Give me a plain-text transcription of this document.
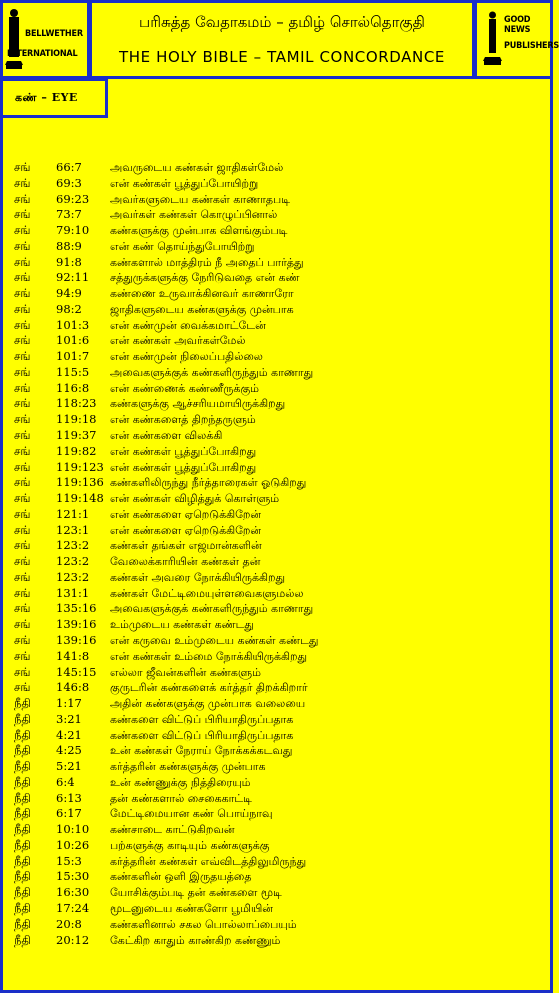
BELLWETHER
INTERNATIONAL
பரிசுத்த வேதாகமம் – தமிழ் சொல்தொகுதி
THE HOLY BIBLE – TAMIL CONCORDANCE
GOOD NEWS
PUBLISHERS
கண் – EYE
சங் 66:7	அவருடைய கண்கள் ஜாதிகள்மேல்
சங் 69:3	என் கண்கள் பூத்துப்போயிற்று
சங் 69:23 அவர்களுடைய கண்கள் காணாதபடி
சங் 73:7	அவர்கள் கண்கள் கொழுப்பினால்
சங் 79:10 கண்களுக்கு முன்பாக விளங்கும்படி
சங் 88:9	என் கண் தொய்ந்துபோயிற்று
சங் 91:8	கண்களால் மாத்திரம் நீ அதைப் பார்த்து
சங் 92:11 சத்துருக்களுக்கு நேரிடுவதை என் கண்
சங் 94:9	கண்ணை உருவாக்கினவர் காணாரோ
சங் 98:2	ஜாதிகளுடைய கண்களுக்கு முன்பாக
சங் 101:3 என் கண்முன் வைக்கமாட்டேன்
சங் 101:6 என் கண்கள் அவர்கள்மேல்
சங் 101:7 என் கண்முன் நிலைப்பதில்லை
சங் 115:5 அவைகளுக்குக் கண்களிருந்தும் காணாது
சங் 116:8 என் கண்ணைக் கண்ணீருக்கும்
சங் 118:23 கண்களுக்கு ஆச்சரியமாயிருக்கிறது
சங் 119:18 என் கண்களைத் திறந்தருளும்
சங் 119:37 என் கண்களை விலக்கி
சங் 119:82 என் கண்கள் பூத்துப்போகிறது
சங் 119:123 என் கண்கள் பூத்துப்போகிறது
சங் 119:136 கண்களிலிருந்து நீர்த்தாரைகள் ஓடுகிறது
சங் 119:148 என் கண்கள் விழித்துக் கொள்ளும்
சங் 121:1 என் கண்களை ஏறெடுக்கிறேன்
சங் 123:1 என் கண்களை ஏறெடுக்கிறேன்
சங் 123:2 கண்கள் தங்கள் எஜமான்களின்
சங் 123:2 வேலைக்காரியின் கண்கள் தன்
சங் 123:2 கண்கள் அவரை நோக்கியிருக்கிறது
சங் 131:1 கண்கள் மேட்டிமையுள்ளவைகளுமல்ல
சங் 135:16 அவைகளுக்குக் கண்களிருந்தும் காணாது
சங் 139:16 உம்முடைய கண்கள் கண்டது
சங் 139:16 என் கருவை உம்முடைய கண்கள் கண்டது
சங் 141:8 என் கண்கள் உம்மை நோக்கியிருக்கிறது
சங் 145:15 எல்லா ஜீவன்களின் கண்களும்
சங் 146:8 குருடரின் கண்களைக் கர்த்தர் திறக்கிறார்
நீதி 1:17	அதின் கண்களுக்கு முன்பாக வலையை
நீதி 3:21	கண்களை விட்டுப் பிரியாதிருப்பதாக
நீதி 4:21	கண்களை விட்டுப் பிரியாதிருப்பதாக
நீதி 4:25	உன் கண்கள் நேராய் நோக்கக்கடவது
நீதி 5:21	கர்த்தரின் கண்களுக்கு முன்பாக
நீதி 6:4	உன் கண்ணுக்கு நித்திரையும்
நீதி 6:13	தன் கண்களால் சைகைகாட்டி
நீதி 6:17	மேட்டிமையான கண் பொய்நாவு
நீதி 10:10 கண்சாடை காட்டுகிறவன்
நீதி 10:26 பற்களுக்கு காடியும் கண்களுக்கு
நீதி 15:3	கர்த்தரின் கண்கள் எவ்விடத்திலுமிருந்து
நீதி 15:30 கண்களின் ஒளி இருதயத்தை
நீதி 16:30 யோசிக்கும்படி தன் கண்களை மூடி
நீதி 17:24 மூடனுடைய கண்களோ பூமியின்
நீதி 20:8	கண்களினால் சகல பொல்லாப்பையும்
நீதி 20:12 கேட்கிற காதும் காண்கிற கண்ணும்
